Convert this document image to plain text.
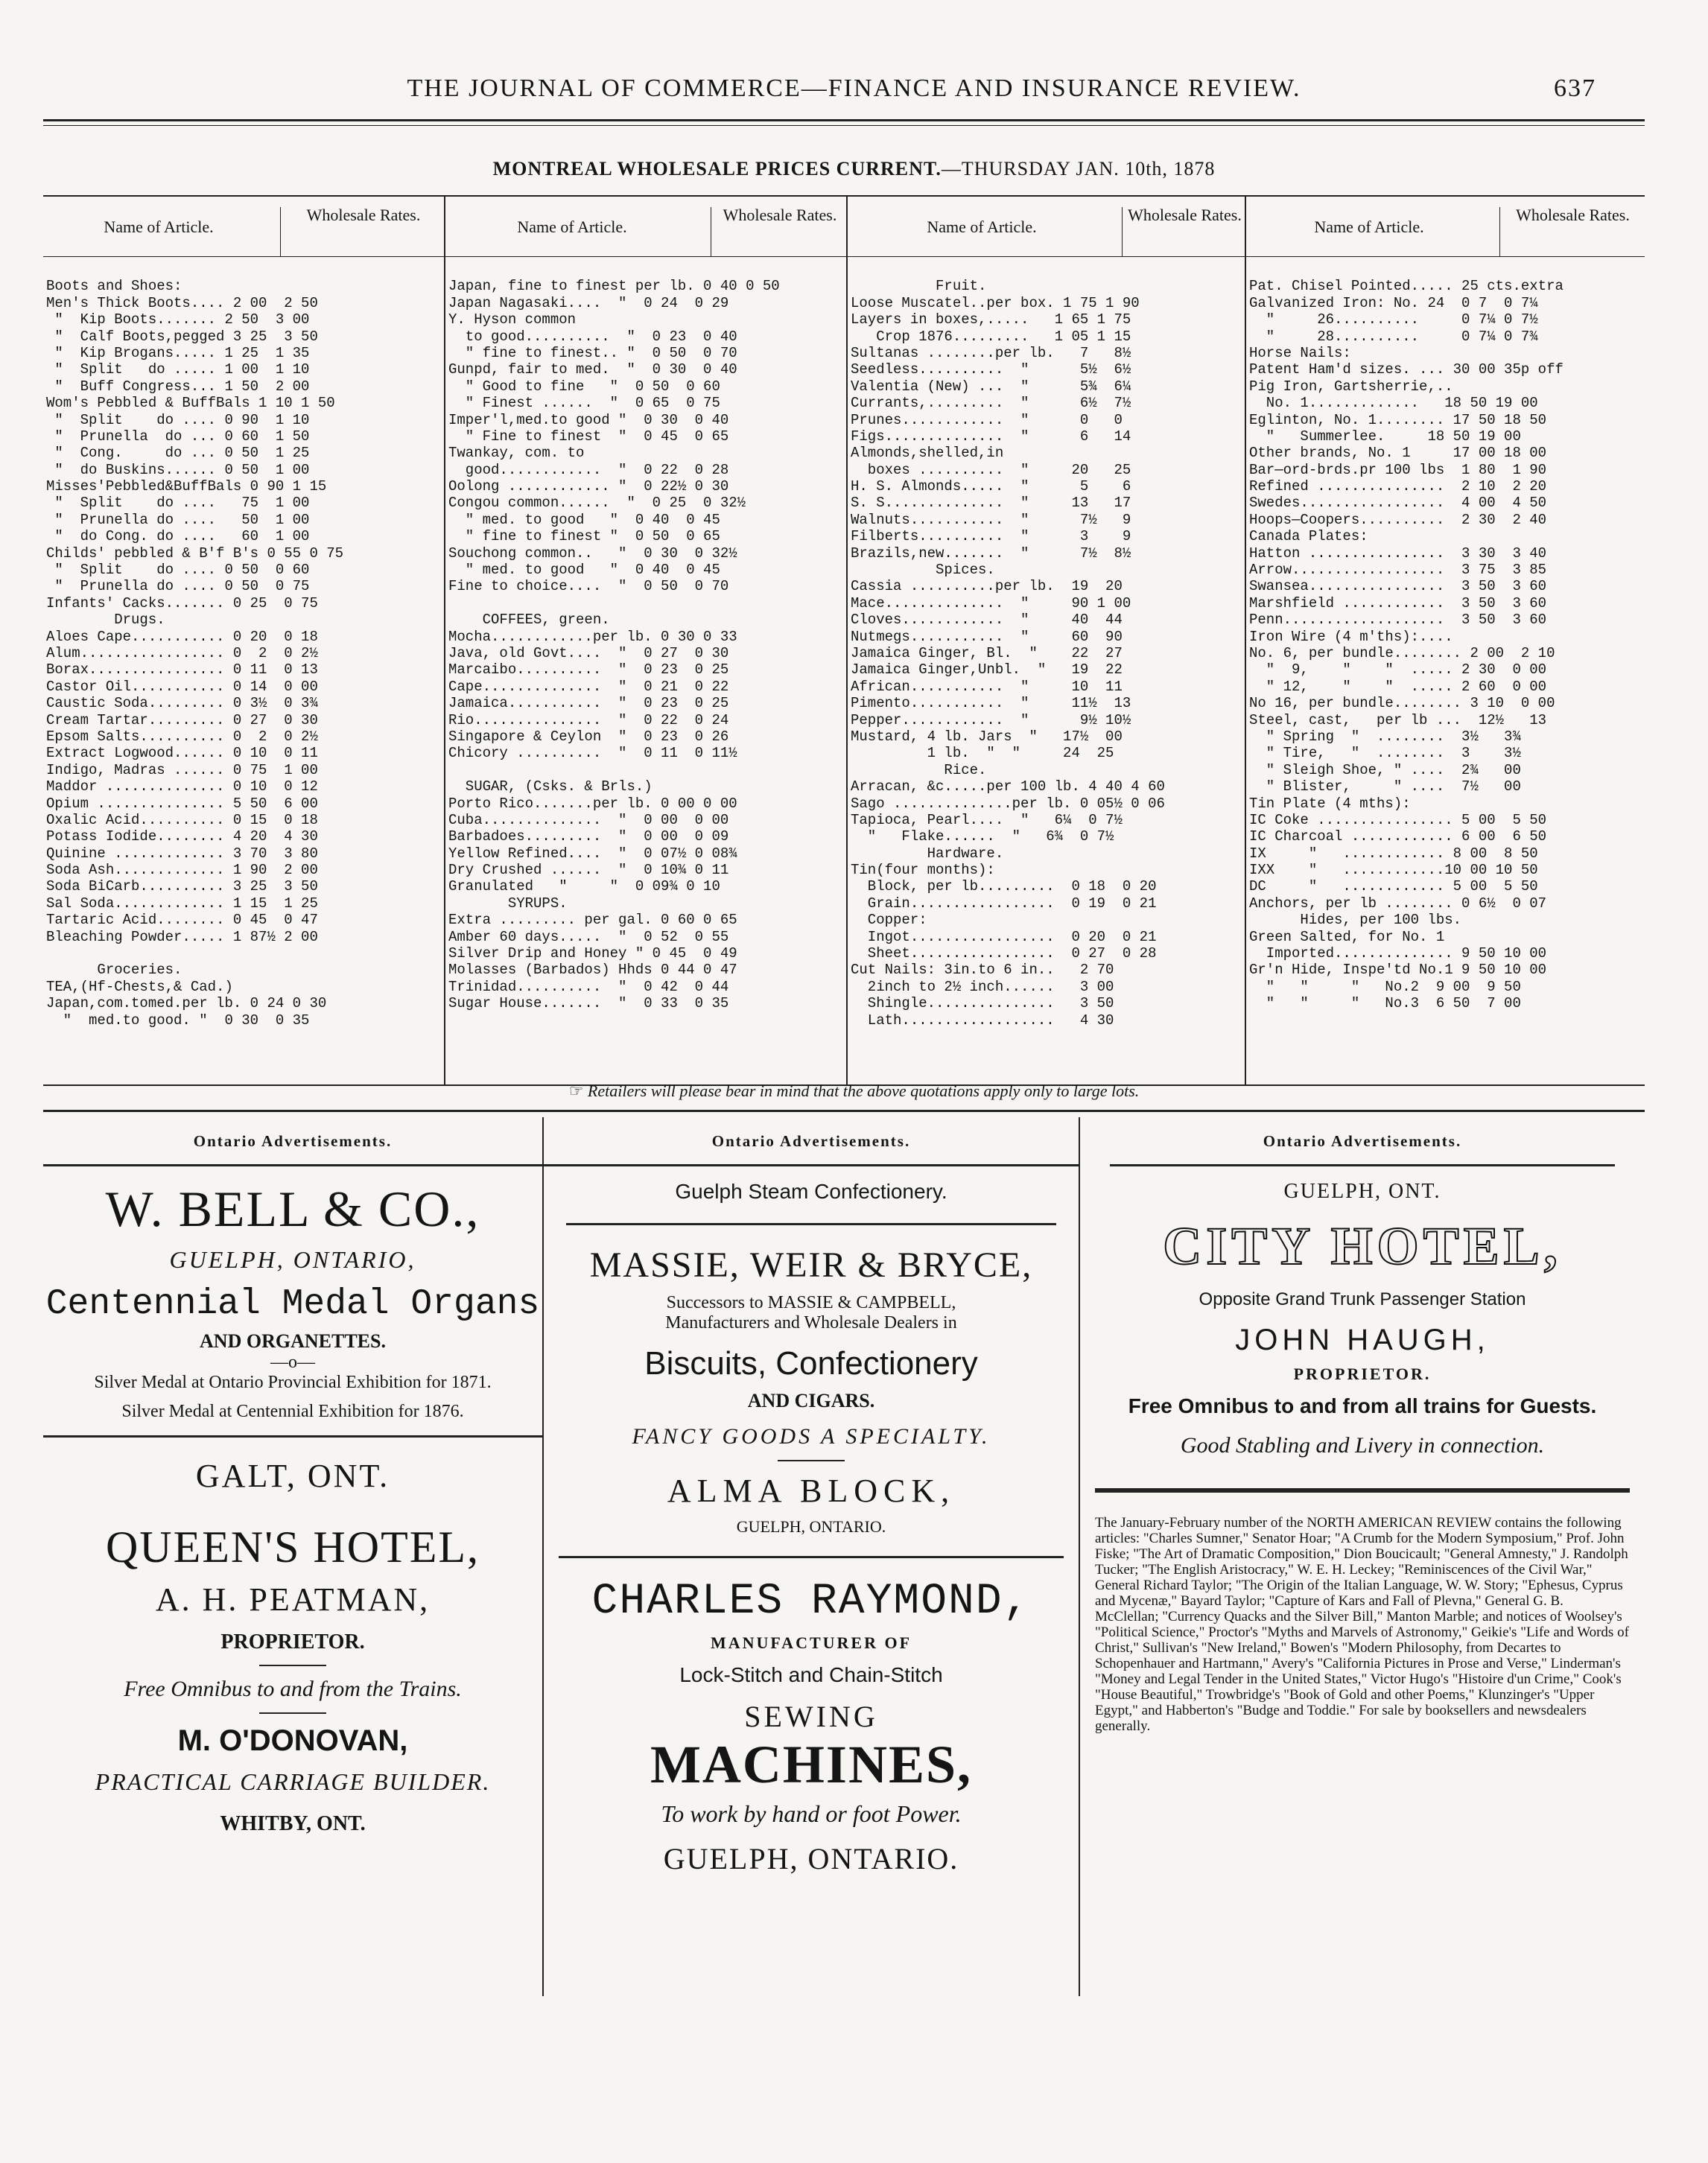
THE JOURNAL OF COMMERCE—FINANCE AND INSURANCE REVIEW.	637
MONTREAL WHOLESALE PRICES CURRENT.—THURSDAY JAN. 10th, 1878
Name of Article.
Wholesale Rates.
Boots and Shoes:
Men's Thick Boots.... 2 00  2 50
"  Kip Boots....... 2 50  3 00
"  Calf Boots,pegged 3 25  3 50
"  Kip Brogans..... 1 25  1 35
"  Split   do ..... 1 00  1 10
"  Buff Congress... 1 50  2 00
Wom's Pebbled & BuffBals 1 10 1 50
"  Split    do .... 0 90  1 10
"  Prunella  do ... 0 60  1 50
"  Cong.     do ... 0 50  1 25
"  do Buskins...... 0 50  1 00
Misses'Pebbled&BuffBals 0 90 1 15
"  Split    do ....   75  1 00
"  Prunella do ....   50  1 00
"  do Cong. do ....   60  1 00
Childs' pebbled & B'f B's 0 55 0 75
"  Split    do .... 0 50  0 60
"  Prunella do .... 0 50  0 75
Infants' Cacks....... 0 25  0 75
Drugs.
Aloes Cape........... 0 20  0 18
Alum................. 0  2  0 2½
Borax................ 0 11  0 13
Castor Oil........... 0 14  0 00
Caustic Soda......... 0 3½  0 3¾
Cream Tartar......... 0 27  0 30
Epsom Salts.......... 0  2  0 2½
Extract Logwood...... 0 10  0 11
Indigo, Madras ...... 0 75  1 00
Maddor .............. 0 10  0 12
Opium ............... 5 50  6 00
Oxalic Acid.......... 0 15  0 18
Potass Iodide........ 4 20  4 30
Quinine ............. 3 70  3 80
Soda Ash............. 1 90  2 00
Soda BiCarb.......... 3 25  3 50
Sal Soda............. 1 15  1 25
Tartaric Acid........ 0 45  0 47
Bleaching Powder..... 1 87½ 2 00
Groceries.
TEA,(Hf-Chests,& Cad.)
Japan,com.tomed.per lb. 0 24 0 30
"  med.to good. "  0 30  0 35
Name of Article.
Wholesale Rates.
Japan, fine to finest per lb. 0 40 0 50
Japan Nagasaki....  "  0 24  0 29
Y. Hyson common
to good..........  "  0 23  0 40
" fine to finest.. "  0 50  0 70
Gunpd, fair to med.  "  0 30  0 40
" Good to fine   "  0 50  0 60
" Finest ......  "  0 65  0 75
Imper'l,med.to good "  0 30  0 40
" Fine to finest  "  0 45  0 65
Twankay, com. to
good............  "  0 22  0 28
Oolong ............ "  0 22½ 0 30
Congou common......  "  0 25  0 32½
" med. to good   "  0 40  0 45
" fine to finest "  0 50  0 65
Souchong common..   "  0 30  0 32½
" med. to good   "  0 40  0 45
Fine to choice....  "  0 50  0 70
COFFEES, green.
Mocha............per lb. 0 30 0 33
Java, old Govt....  "  0 27  0 30
Marcaibo..........  "  0 23  0 25
Cape..............  "  0 21  0 22
Jamaica...........  "  0 23  0 25
Rio...............  "  0 22  0 24
Singapore & Ceylon  "  0 23  0 26
Chicory ..........  "  0 11  0 11½
SUGAR, (Csks. & Brls.)
Porto Rico.......per lb. 0 00 0 00
Cuba..............  "  0 00  0 00
Barbadoes.........  "  0 00  0 09
Yellow Refined....  "  0 07½ 0 08¾
Dry Crushed ......  "  0 10¾ 0 11
Granulated   "     "  0 09¾ 0 10
SYRUPS.
Extra ......... per gal. 0 60 0 65
Amber 60 days.....  "  0 52  0 55
Silver Drip and Honey " 0 45  0 49
Molasses (Barbados) Hhds 0 44 0 47
Trinidad..........  "  0 42  0 44
Sugar House.......  "  0 33  0 35
Name of Article.
Wholesale Rates.
Fruit.
Loose Muscatel..per box. 1 75 1 90
Layers in boxes,.....   1 65 1 75
Crop 1876.........   1 05 1 15
Sultanas ........per lb.   7   8½
Seedless..........  "      5½  6½
Valentia (New) ...  "      5¾  6¼
Currants,.........  "      6½  7½
Prunes............  "      0   0
Figs..............  "      6   14
Almonds,shelled,in
boxes ..........  "     20   25
H. S. Almonds.....  "      5    6
S. S..............  "     13   17
Walnuts...........  "      7½   9
Filberts..........  "      3    9
Brazils,new.......  "      7½  8½
Spices.
Cassia ..........per lb.  19  20
Mace..............  "     90 1 00
Cloves............  "     40  44
Nutmegs...........  "     60  90
Jamaica Ginger, Bl.  "    22  27
Jamaica Ginger,Unbl.  "   19  22
African...........  "     10  11
Pimento...........  "     11½  13
Pepper............  "      9½ 10½
Mustard, 4 lb. Jars  "   17½  00
1 lb.  "  "     24  25
Rice.
Arracan, &c.....per 100 lb. 4 40 4 60
Sago ..............per lb. 0 05½ 0 06
Tapioca, Pearl....  "   6¼  0 7½
"   Flake......  "   6¾  0 7½
Hardware.
Tin(four months):
Block, per lb.........  0 18  0 20
Grain.................  0 19  0 21
Copper:
Ingot.................  0 20  0 21
Sheet.................  0 27  0 28
Cut Nails: 3in.to 6 in..   2 70
2inch to 2½ inch......   3 00
Shingle...............   3 50
Lath..................   4 30
Name of Article.
Wholesale Rates.
Pat. Chisel Pointed..... 25 cts.extra
Galvanized Iron: No. 24  0 7  0 7¼
"     26..........     0 7¼ 0 7½
"     28..........     0 7¼ 0 7¾
Horse Nails:
Patent Ham'd sizes. ... 30 00 35p off
Pig Iron, Gartsherrie,..
No. 1.............   18 50 19 00
Eglinton, No. 1........ 17 50 18 50
"   Summerlee.     18 50 19 00
Other brands, No. 1     17 00 18 00
Bar—ord-brds.pr 100 lbs  1 80  1 90
Refined ...............  2 10  2 20
Swedes.................  4 00  4 50
Hoops—Coopers..........  2 30  2 40
Canada Plates:
Hatton ................  3 30  3 40
Arrow..................  3 75  3 85
Swansea................  3 50  3 60
Marshfield ............  3 50  3 60
Penn...................  3 50  3 60
Iron Wire (4 m'ths):....
No. 6, per bundle........ 2 00  2 10
"  9,    "    "  ..... 2 30  0 00
" 12,    "    "  ..... 2 60  0 00
No 16, per bundle........ 3 10  0 00
Steel, cast,   per lb ...  12½   13
" Spring  "  ........  3½   3¾
" Tire,   "  ........  3    3½
" Sleigh Shoe, " ....  2¾   00
" Blister,     " ....  7½   00
Tin Plate (4 mths):
IC Coke ................ 5 00  5 50
IC Charcoal ............ 6 00  6 50
IX     "   ............ 8 00  8 50
IXX    "   ............10 00 10 50
DC     "   ............ 5 00  5 50
Anchors, per lb ........ 0 6½  0 07
Hides, per 100 lbs.
Green Salted, for No. 1
Imported.............. 9 50 10 00
Gr'n Hide, Inspe'td No.1 9 50 10 00
"   "     "   No.2  9 00  9 50
"   "     "   No.3  6 50  7 00
☞ Retailers will please bear in mind that the above quotations apply only to large lots.
Ontario Advertisements.
W. BELL & CO.,
GUELPH, ONTARIO,
Centennial Medal Organs
AND ORGANETTES.
—o—
Silver Medal at Ontario Provincial Exhibition for 1871.
Silver Medal at Centennial Exhibition for 1876.
GALT, ONT.
QUEEN'S HOTEL,
A. H. PEATMAN,
PROPRIETOR.
Free Omnibus to and from the Trains.
M. O'DONOVAN,
PRACTICAL CARRIAGE BUILDER.
WHITBY, ONT.
Ontario Advertisements.
Guelph Steam Confectionery.
MASSIE, WEIR & BRYCE,
Successors to MASSIE & CAMPBELL,
Manufacturers and Wholesale Dealers in
Biscuits, Confectionery
AND CIGARS.
FANCY GOODS A SPECIALTY.
ALMA BLOCK,
GUELPH, ONTARIO.
CHARLES RAYMOND,
MANUFACTURER OF
Lock-Stitch and Chain-Stitch
SEWING
MACHINES,
To work by hand or foot Power.
GUELPH, ONTARIO.
Ontario Advertisements.
GUELPH, ONT.
CITY HOTEL,
Opposite Grand Trunk Passenger Station
JOHN HAUGH,
PROPRIETOR.
Free Omnibus to and from all trains for Guests.
Good Stabling and Livery in connection.
The January-February number of the NORTH AMERICAN REVIEW contains the following articles: "Charles Sumner," Senator Hoar; "A Crumb for the Modern Symposium," Prof. John Fiske; "The Art of Dramatic Composition," Dion Boucicault; "General Amnesty," J. Randolph Tucker; "The English Aristocracy," W. E. H. Leckey; "Reminiscences of the Civil War," General Richard Taylor; "The Origin of the Italian Language, W. W. Story; "Ephesus, Cyprus and Mycenæ," Bayard Taylor; "Capture of Kars and Fall of Plevna," General G. B. McClellan; "Currency Quacks and the Silver Bill," Manton Marble; and notices of Woolsey's "Political Science," Proctor's "Myths and Marvels of Astronomy," Geikie's "Life and Words of Christ," Sullivan's "New Ireland," Bowen's "Modern Philosophy, from Decartes to Schopenhauer and Hartmann," Avery's "California Pictures in Prose and Verse," Linderman's "Money and Legal Tender in the United States," Victor Hugo's "Histoire d'un Crime," Cook's "House Beautiful," Trowbridge's "Book of Gold and other Poems," Klunzinger's "Upper Egypt," and Habberton's "Budge and Toddie." For sale by booksellers and newsdealers generally.
